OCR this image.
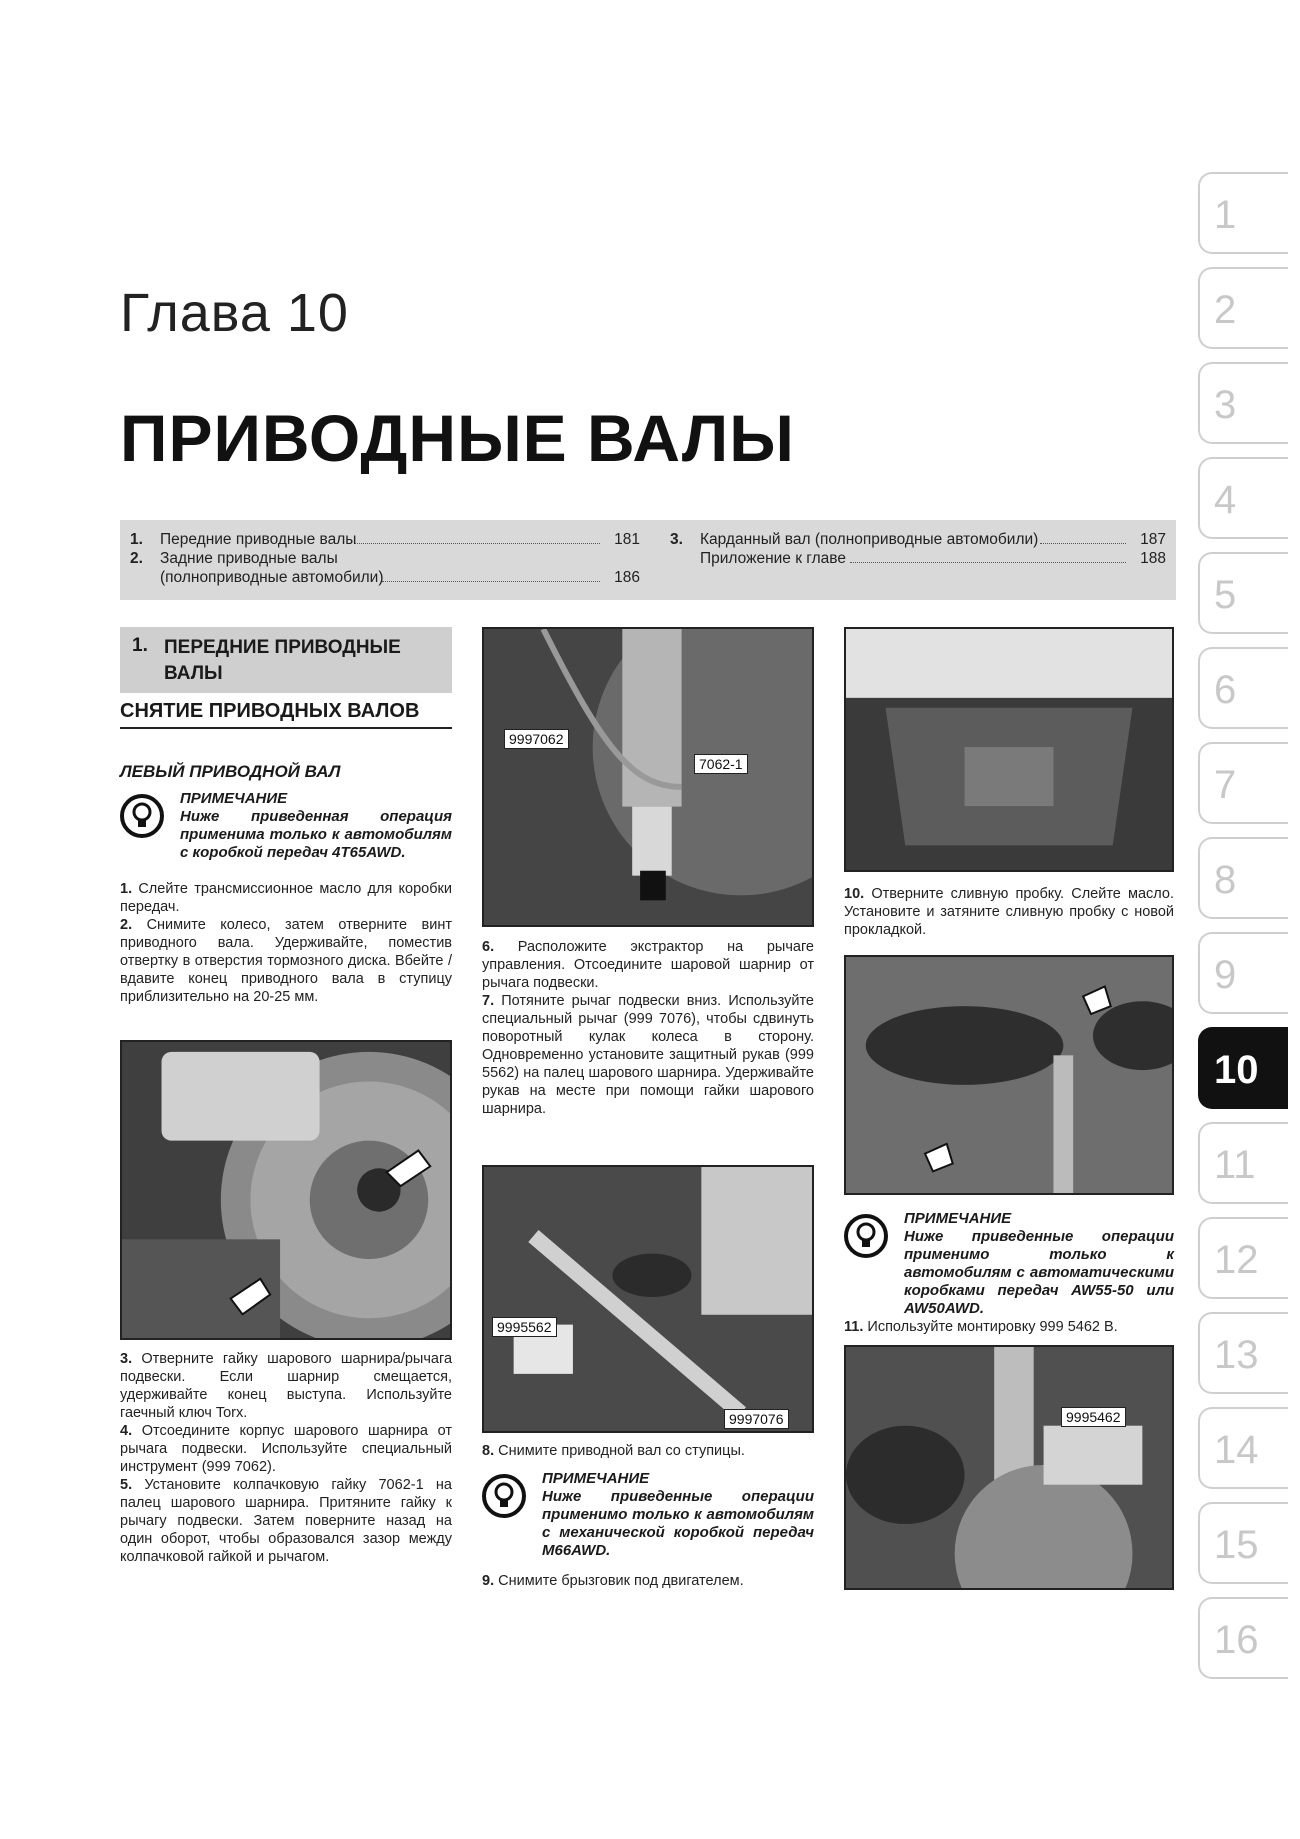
Глава 10
ПРИВОДНЫЕ ВАЛЫ
1. Передние приводные валы	181
2. Задние приводные валы
(полноприводные автомобили)	186
3. Карданный вал (полноприводные автомобили)	187
Приложение к главе	188
1
2
3
4
5
6
7
8
9
10
11
12
13
14
15
16
1. ПЕРЕДНИЕ ПРИВОДНЫЕ ВАЛЫ
СНЯТИЕ ПРИВОДНЫХ ВАЛОВ
ЛЕВЫЙ ПРИВОДНОЙ ВАЛ
ПРИМЕЧАНИЕ
Ниже приведенная операция применима только к автомобилям с коробкой передач 4T65AWD.
1. Слейте трансмиссионное масло для коробки передач.
2. Снимите колесо, затем отверните винт приводного вала. Удерживайте, поместив отвертку в отверстия тормозного диска. Вбейте /вдавите конец приводного вала в ступицу приблизительно на 20-25 мм.
3. Отверните гайку шарового шарнира/рычага подвески. Если шарнир смещается, удерживайте конец выступа. Используйте гаечный ключ Torx.
4. Отсоедините корпус шарового шарнира от рычага подвески. Используйте специальный инструмент (999 7062).
5. Установите колпачковую гайку 7062-1 на палец шарового шарнира. Притяните гайку к рычагу подвески. Затем поверните назад на один оборот, чтобы образовался зазор между колпачковой гайкой и рычагом.
9997062
7062-1
6. Расположите экстрактор на рычаге управления. Отсоедините шаровой шарнир от рычага подвески.
7. Потяните рычаг подвески вниз. Используйте специальный рычаг (999 7076), чтобы сдвинуть поворотный кулак колеса в сторону. Одновременно установите защитный рукав (999 5562) на палец шарового шарнира. Удерживайте рукав на месте при помощи гайки шарового шарнира.
9995562
9997076
8. Снимите приводной вал со ступицы.
ПРИМЕЧАНИЕ
Ниже приведенные операции применимо только к автомобилям с механической коробкой передач M66AWD.
9. Снимите брызговик под двигателем.
10. Отверните сливную пробку. Слейте масло. Установите и затяните сливную пробку с новой прокладкой.
ПРИМЕЧАНИЕ
Ниже приведенные операции применимо только к автомобилям с автоматическими коробками передач AW55-50 или AW50AWD.
11. Используйте монтировку 999 5462 В.
9995462
